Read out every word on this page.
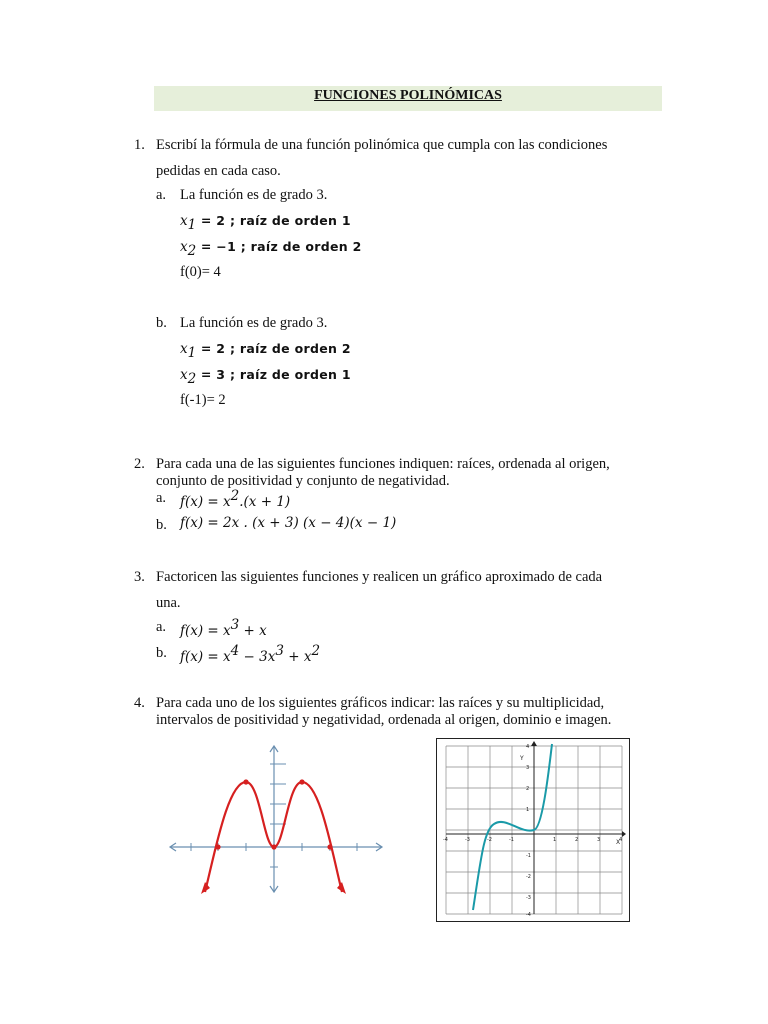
FUNCIONES POLINÓMICAS
1. Escribí la fórmula de una función polinómica que cumpla con las condiciones
pedidas en cada caso.
a. La función es de grado 3.
$x_1 = 2$ ; raíz de orden 1
$x_2 = -1$ ; raíz de orden 2
f(0)= 4
b. La función es de grado 3.
$x_1 = 2$ ; raíz de orden 2
$x_2 = 3$ ; raíz de orden 1
f(-1)= 2
2. Para cada una de las siguientes funciones indiquen: raíces, ordenada al origen,
conjunto de positividad y conjunto de negatividad.
a. $f(x) = x^2.(x + 1)$
b. f(x) = 2x . (x + 3) (x − 4)(x − 1)
3. Factoricen las siguientes funciones y realicen un gráfico aproximado de cada
una.
a. $f(x) = x^3 + x$
b. $f(x) = x^4 - 3x^3 + x^2$
4. Para cada uno de los siguientes gráficos indicar: las raíces y su multiplicidad,
intervalos de positividad y negatividad, ordenada al origen, dominio e imagen.
Y
X
-4	-3	-2	-1	1	2	3	4
4
3
2
1
-1
-2
-3
-4
